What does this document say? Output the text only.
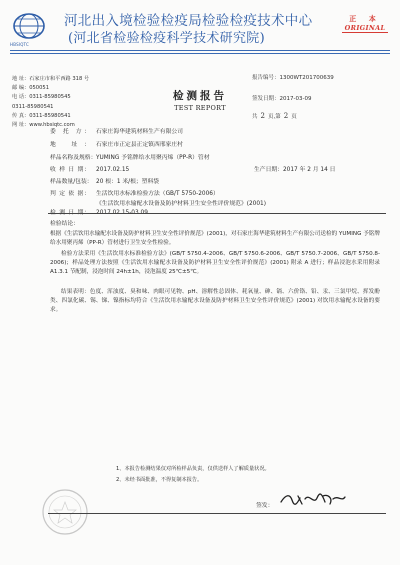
HBSIQTC
河北出入境检验检疫局检验检疫技术中心
(河北省检验检疫科学技术研究院)
正 本
ORIGINAL
地 址：石家庄市和平西路 318 号
邮 编：050051
电 话：0311-85980545
0311-85980541
传 真：0311-85980541
网 址：www.hbsiqtc.com
报告编号：1300WT201700639
检测报告
TEST REPORT
签发日期：2017-03-09
共 2 页,第 2 页
委 托 方： 石家庄海华建筑材料生产有限公司
地 址： 石家庄市正定县正定镇西邢家庄村
样品名称及规格：YUMING 予铭牌给水用聚丙烯（PP-R）管材
收 样 日 期： 2017.02.15	生产日期：2017 年 2 月 14 日
样品数量/包装： 20 根：1 米/根；塑料袋
判 定 依 据： 生活饮用水标准检验方法（GB/T 5750-2006）
《生活饮用水输配水设备及防护材料卫生安全性评价规范》(2001)
检 测 日 期： 2017.02.15-03.09
检验结论：
根据《生活饮用水输配水设备及防护材料卫生安全性评价规范》(2001)，对石家庄海华建筑材料生产有限公司送检的 YUMING 予铭牌给水用聚丙烯（PP-R）管材进行卫生安全性检验。
检验方法采用《生活饮用水标准检验方法》(GB/T 5750.4-2006、GB/T 5750.6-2006、GB/T 5750.7-2006、GB/T 5750.8-2006)；样品处理方法按照《生活饮用水输配水设备及防护材料卫生安全性评价规范》(2001) 附录 A 进行；样品浸泡水采用附录 A1.3.1 节配制，浸泡时间 24h±1h，浸泡温度 25℃±5℃。
结果表明：色度、浑浊度、臭和味、肉眼可见物、pH、溶解性总固体、耗氧量、砷、镉、六价铬、铅、汞、三氯甲烷、挥发酚类、四氯化碳、锡、锑、镍指标均符合《生活饮用水输配水设备及防护材料卫生安全性评价规范》(2001) 对饮用水输配水设备的要求。
1、本报告检测结果仅对所检样品负责，仅供送样人了解质量状况。
2、未经书面批准，不得复制本报告。
签发：
